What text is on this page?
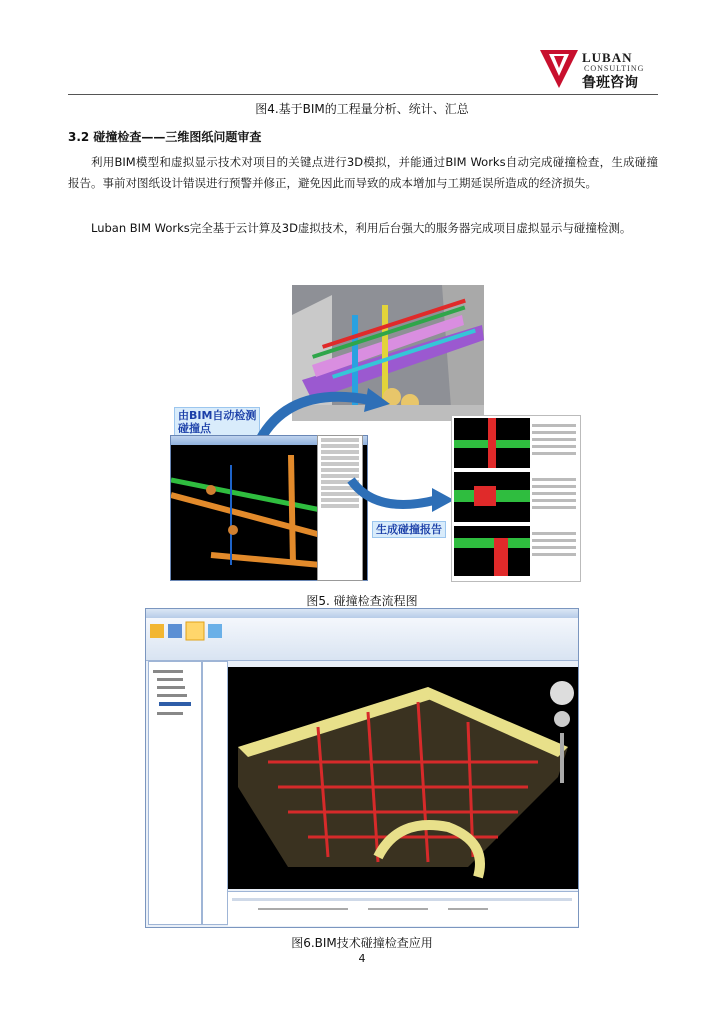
LUBAN
CONSULTING
鲁班咨询
图4.基于BIM的工程量分析、统计、汇总
3.2 碰撞检查——三维图纸问题审查
利用BIM模型和虚拟显示技术对项目的关键点进行3D模拟，并能通过BIM Works自动完成碰撞检查，生成碰撞报告。事前对图纸设计错误进行预警并修正，避免因此而导致的成本增加与工期延误所造成的经济损失。
Luban BIM Works完全基于云计算及3D虚拟技术，利用后台强大的服务器完成项目虚拟显示与碰撞检测。
由BIM自动检测
碰撞点
生成碰撞报告
图5. 碰撞检查流程图
图6.BIM技术碰撞检查应用
4
